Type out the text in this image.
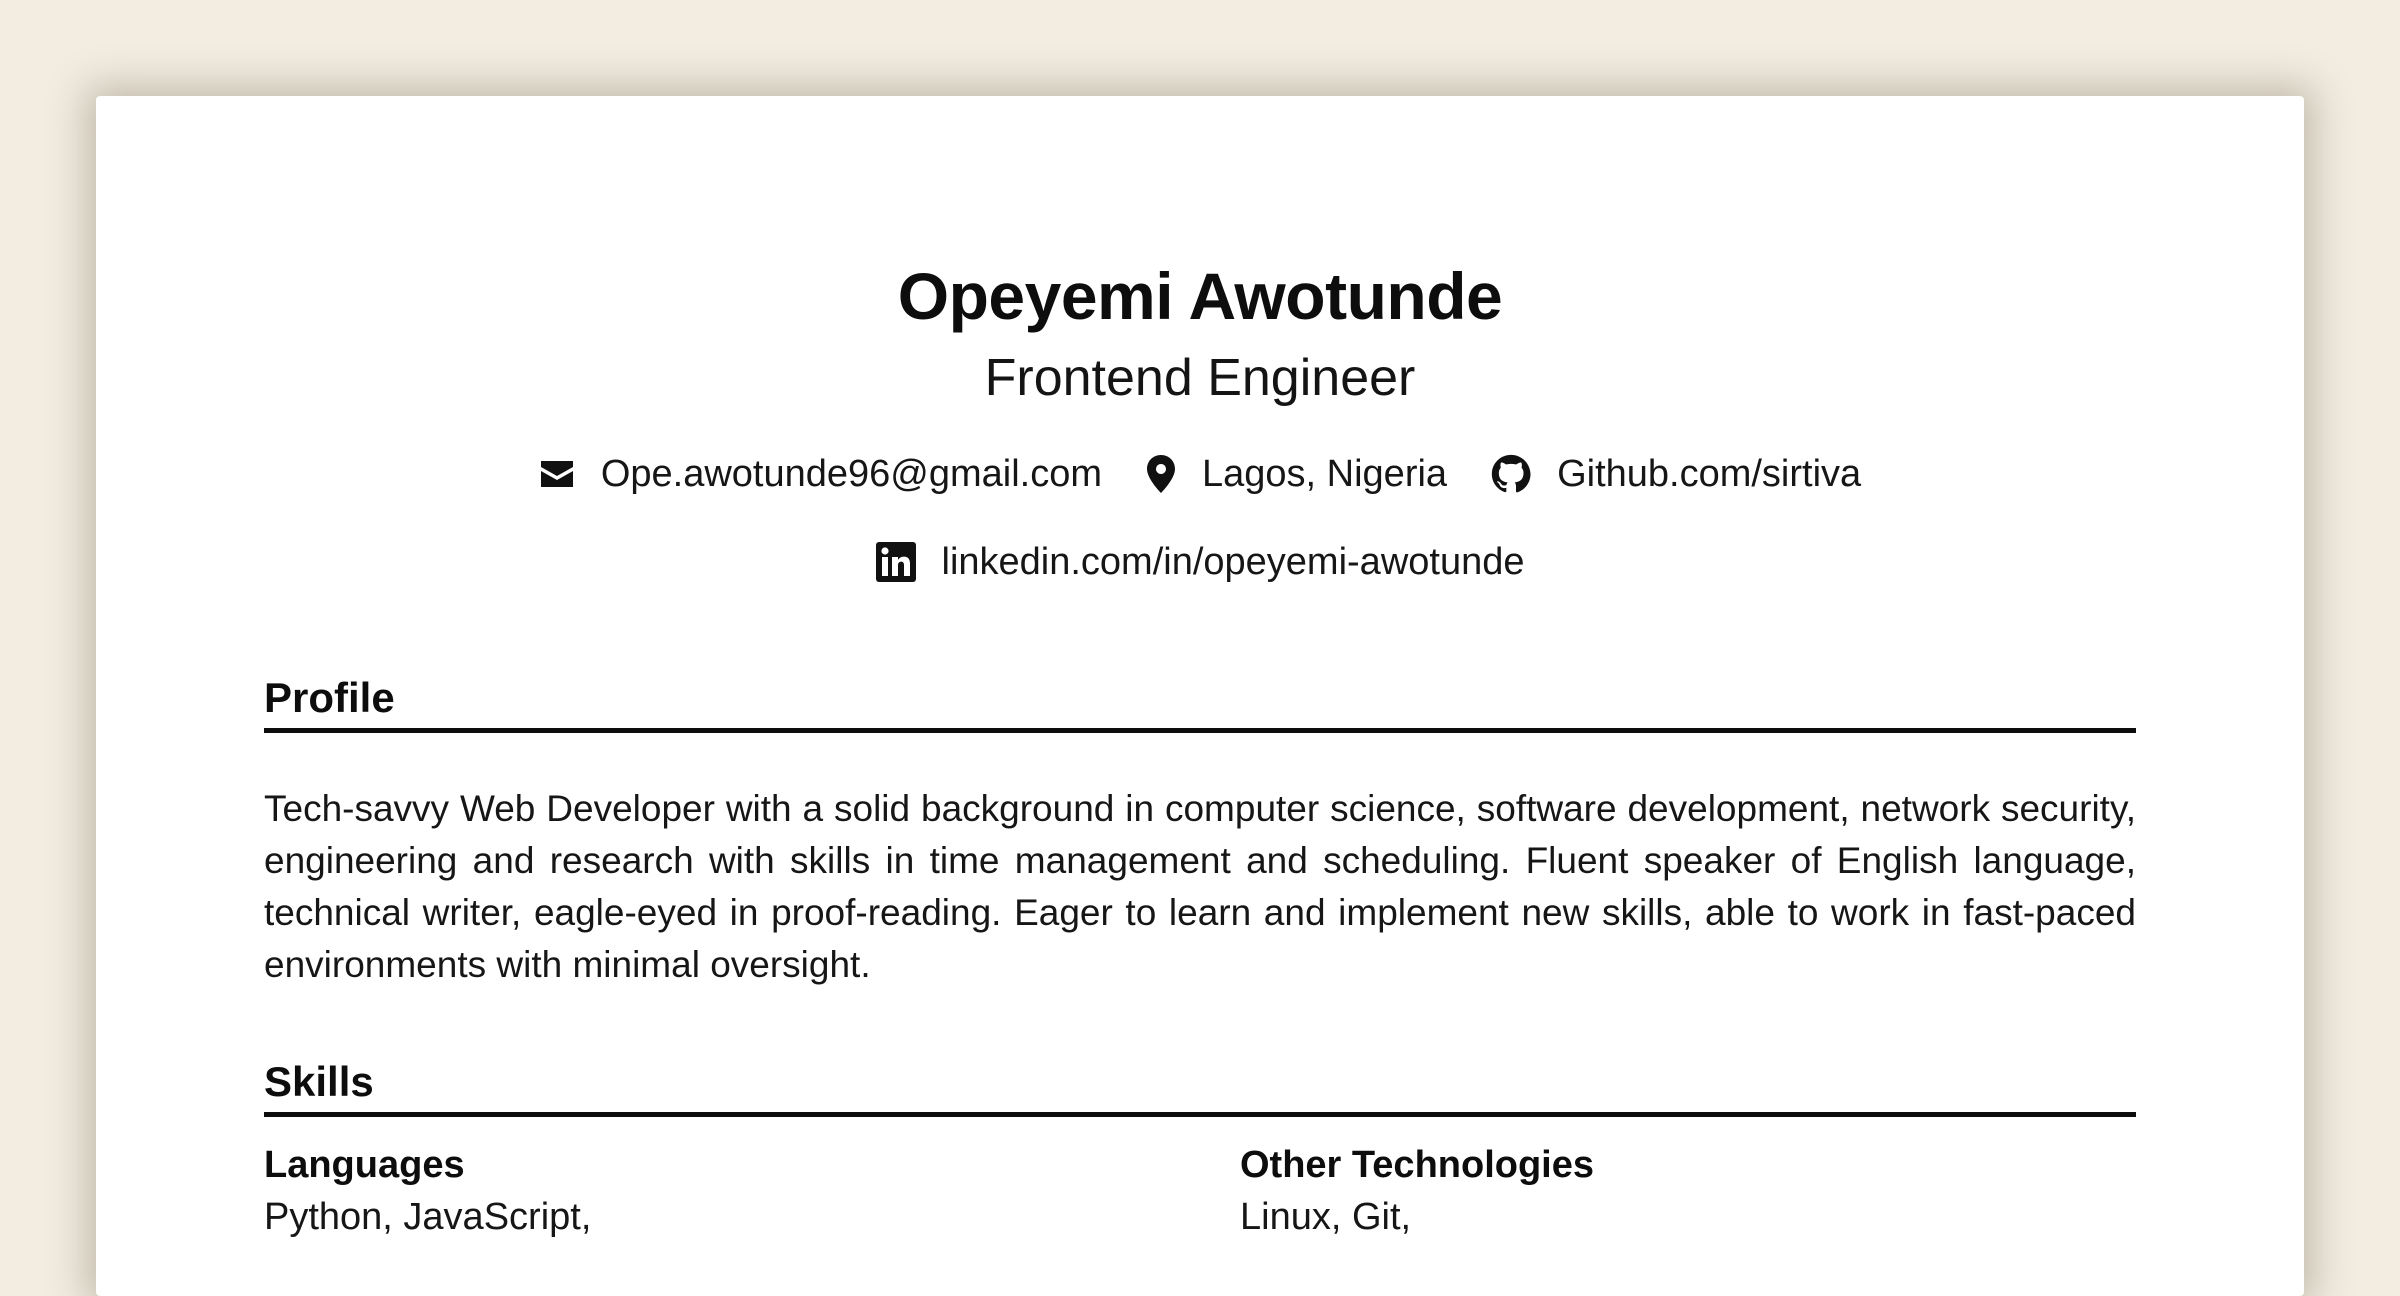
Opeyemi Awotunde
Frontend Engineer
Ope.awotunde96@gmail.com	Lagos, Nigeria	Github.com/sirtiva
linkedin.com/in/opeyemi-awotunde
Profile
Tech-savvy Web Developer with a solid background in computer science, software development, network security, engineering and research with skills in time management and scheduling. Fluent speaker of English language, technical writer, eagle-eyed in proof-reading. Eager to learn and implement new skills, able to work in fast-paced environments with minimal oversight.
Skills
Languages
Python, JavaScript,
Other Technologies
Linux, Git,
